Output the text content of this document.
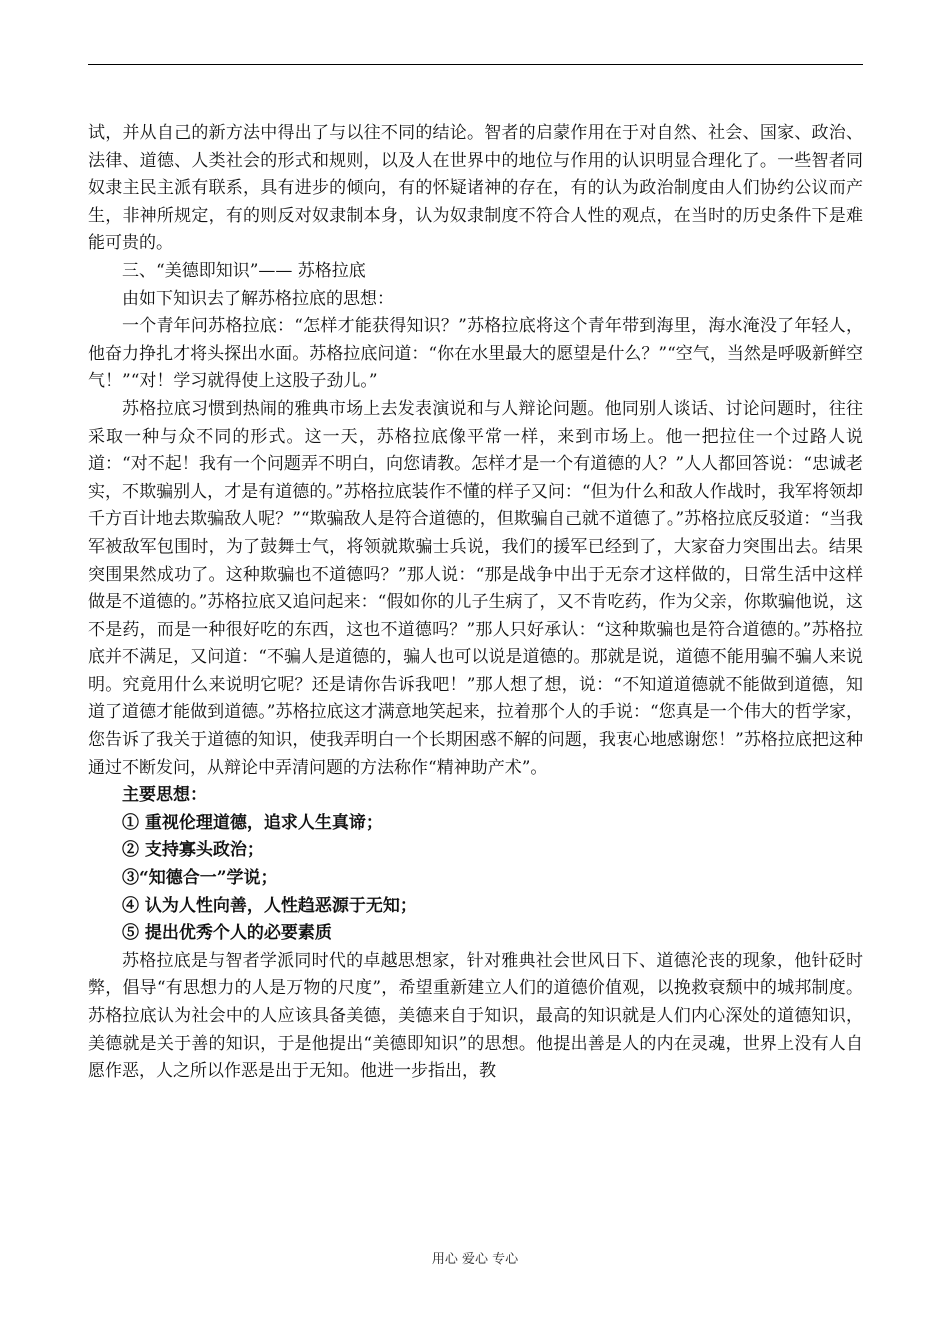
试，并从自己的新方法中得出了与以往不同的结论。智者的启蒙作用在于对自然、社会、国家、政治、法律、道德、人类社会的形式和规则，以及人在世界中的地位与作用的认识明显合理化了。一些智者同奴隶主民主派有联系，具有进步的倾向，有的怀疑诸神的存在，有的认为政治制度由人们协约公议而产生，非神所规定，有的则反对奴隶制本身，认为奴隶制度不符合人性的观点，在当时的历史条件下是难能可贵的。

三、“美德即知识”—— 苏格拉底

由如下知识去了解苏格拉底的思想：

一个青年问苏格拉底：“怎样才能获得知识？”苏格拉底将这个青年带到海里，海水淹没了年轻人，他奋力挣扎才将头探出水面。苏格拉底问道：“你在水里最大的愿望是什么？”“空气，当然是呼吸新鲜空气！”“对！学习就得使上这股子劲儿。”

苏格拉底习惯到热闹的雅典市场上去发表演说和与人辩论问题。他同别人谈话、讨论问题时，往往采取一种与众不同的形式。这一天，苏格拉底像平常一样，来到市场上。他一把拉住一个过路人说道：“对不起！我有一个问题弄不明白，向您请教。怎样才是一个有道德的人？”人人都回答说：“忠诚老实，不欺骗别人，才是有道德的。”苏格拉底装作不懂的样子又问：“但为什么和敌人作战时，我军将领却千方百计地去欺骗敌人呢？”“欺骗敌人是符合道德的，但欺骗自己就不道德了。”苏格拉底反驳道：“当我军被敌军包围时，为了鼓舞士气，将领就欺骗士兵说，我们的援军已经到了，大家奋力突围出去。结果突围果然成功了。这种欺骗也不道德吗？”那人说：“那是战争中出于无奈才这样做的，日常生活中这样做是不道德的。”苏格拉底又追问起来：“假如你的儿子生病了，又不肯吃药，作为父亲，你欺骗他说，这不是药，而是一种很好吃的东西，这也不道德吗？”那人只好承认：“这种欺骗也是符合道德的。”苏格拉底并不满足，又问道：“不骗人是道德的，骗人也可以说是道德的。那就是说，道德不能用骗不骗人来说明。究竟用什么来说明它呢？还是请你告诉我吧！”那人想了想，说：“不知道道德就不能做到道德，知道了道德才能做到道德。”苏格拉底这才满意地笑起来，拉着那个人的手说：“您真是一个伟大的哲学家，您告诉了我关于道德的知识，使我弄明白一个长期困惑不解的问题，我衷心地感谢您！”苏格拉底把这种通过不断发问，从辩论中弄清问题的方法称作“精神助产术”。

主要思想：

① 重视伦理道德，追求人生真谛；

② 支持寡头政治；

③“知德合一”学说；

④ 认为人性向善，人性趋恶源于无知；

⑤ 提出优秀个人的必要素质

苏格拉底是与智者学派同时代的卓越思想家，针对雅典社会世风日下、道德沦丧的现象，他针砭时弊，倡导“有思想力的人是万物的尺度”，希望重新建立人们的道德价值观，以挽救衰颓中的城邦制度。苏格拉底认为社会中的人应该具备美德，美德来自于知识，最高的知识就是人们内心深处的道德知识，美德就是关于善的知识，于是他提出“美德即知识”的思想。他提出善是人的内在灵魂，世界上没有人自愿作恶，人之所以作恶是出于无知。他进一步指出，教

用心 爱心 专心
